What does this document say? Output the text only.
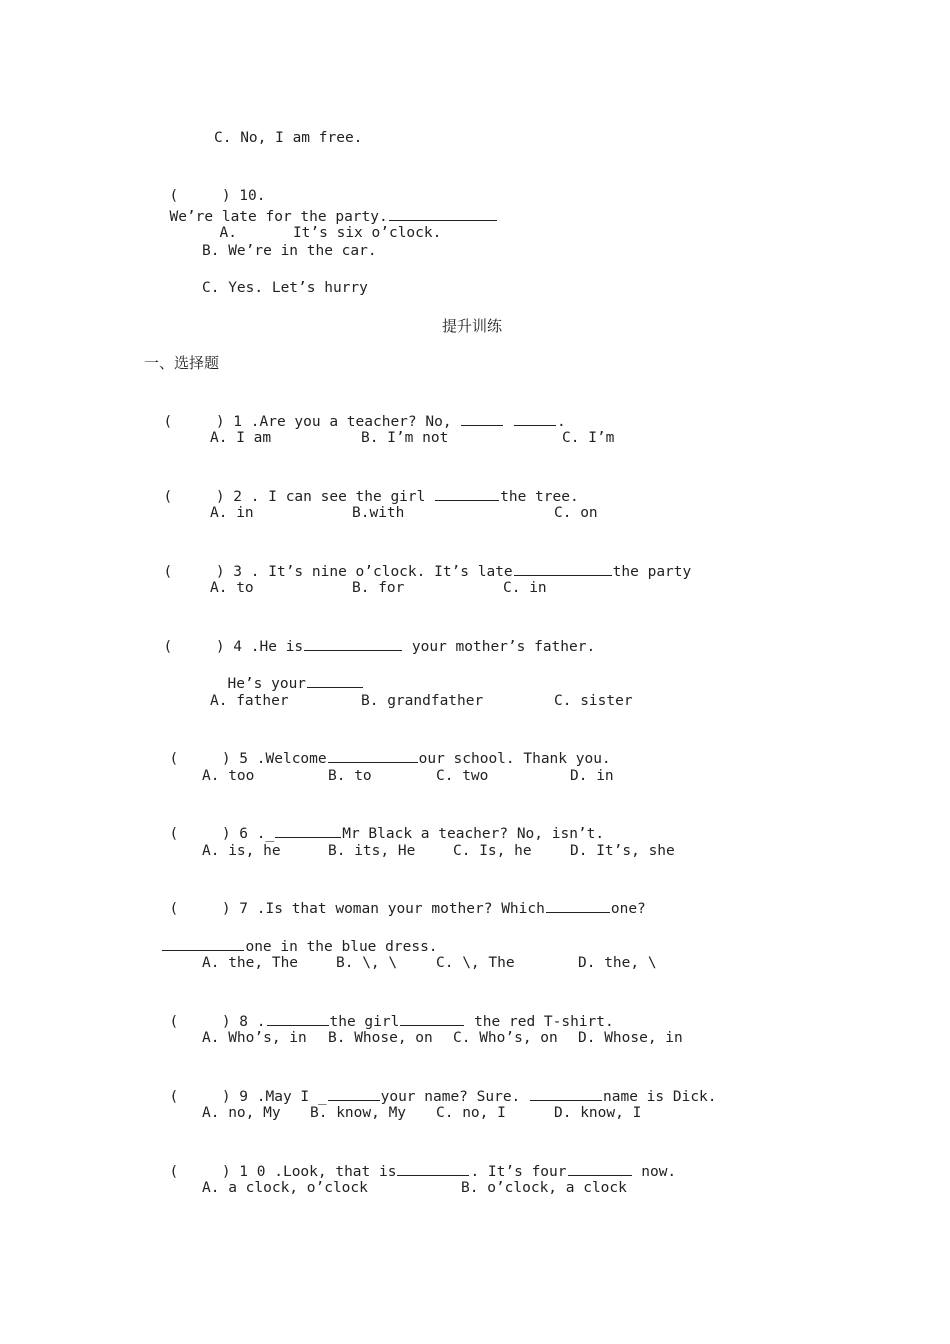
C. No, I am free.

(     ) 10.
We’re late for the party.

A.	It’s six o’clock.

B. We’re in the car.
C. Yes. Let’s hurry
提升训练
一、选择题

(     ) 1 .Are you a teacher? No,	.

A. I am	B. I’m not	C. I’m

(     ) 2 . I can see the girl	the tree.

A. in	B.with	C. on

(     ) 3 . It’s nine o’clock. It’s late	the party

A. to	B. for	C. in

(     ) 4 .He is	your mother’s father.

He’s your

A. father	B. grandfather	C. sister

(     ) 5 .Welcome	our school. Thank you.

A. too	B. to	C. two	D. in

(     ) 6 ._	Mr Black a teacher? No, isn’t.

A. is, he	B. its, He	C. Is, he	D. It’s, she

(     ) 7 .Is that woman your mother? Which	one?

one in the blue dress.

A. the, The	B. \, \	C. \, The	D. the, \

(     ) 8 .	the girl	the red T-shirt.

A. Who’s, in B. Whose, on C. Who’s, on D. Whose, in

(     ) 9 .May I _	your name? Sure.	name is Dick.

A. no, My B. know, My C. no, I	D. know, I

(     ) 1 0 .Look, that is	. It’s four	now.

A. a clock, o’clock	B. o’clock, a clock
